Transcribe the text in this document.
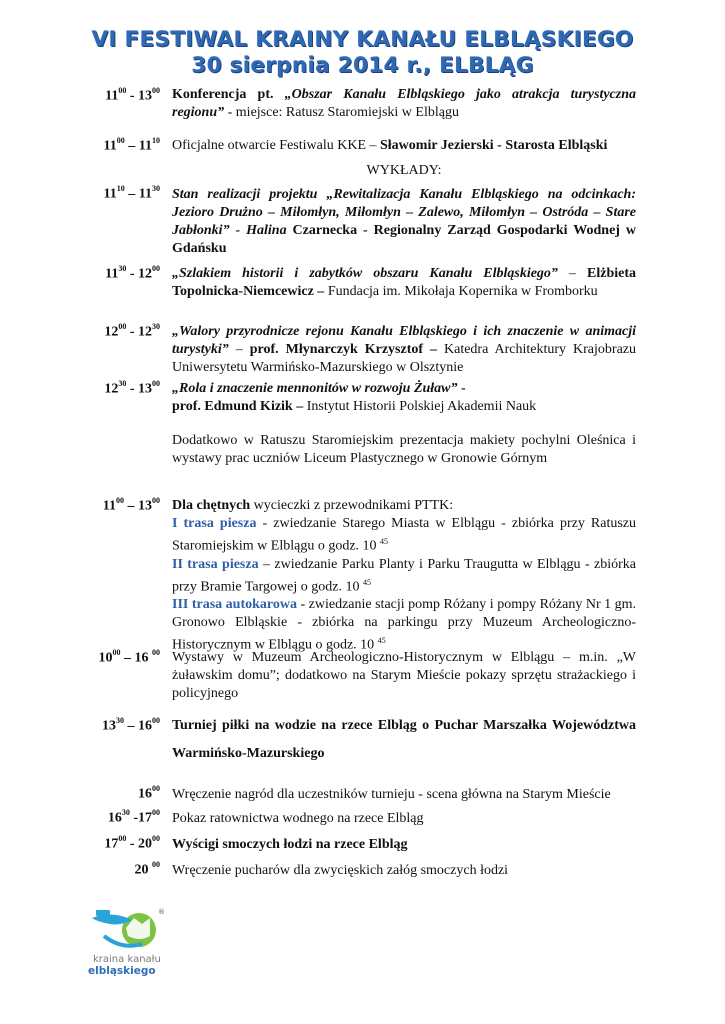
VI FESTIWAL KRAINY KANAŁU ELBLĄSKIEGO
30 sierpnia 2014 r., ELBLĄG
$11^{00} - 13^{00}$ Konferencja pt. „Obszar Kanału Elbląskiego jako atrakcja turystyczna regionu” - miejsce: Ratusz Staromiejski w Elblągu
$11^{00} - 11^{10}$ Oficjalne otwarcie Festiwalu KKE – Sławomir Jezierski - Starosta Elbląski
WYKŁADY:
$11^{10} - 11^{30}$ Stan realizacji projektu „Rewitalizacja Kanału Elbląskiego na odcinkach: Jezioro Drużno – Miłomłyn, Miłomłyn – Zalewo, Miłomłyn – Ostróda – Stare Jabłonki” - Halina Czarnecka - Regionalny Zarząd Gospodarki Wodnej w Gdańsku
$11^{30} - 12^{00}$ „Szlakiem historii i zabytków obszaru Kanału Elbląskiego” – Elżbieta Topolnicka-Niemcewicz – Fundacja im. Mikołaja Kopernika w Fromborku
$12^{00} - 12^{30}$ „Walory przyrodnicze rejonu Kanału Elbląskiego i ich znaczenie w animacji turystyki” – prof. Młynarczyk Krzysztof – Katedra Architektury Krajobrazu Uniwersytetu Warmińsko-Mazurskiego w Olsztynie
$12^{30} - 13^{00}$ „Rola i znaczenie mennonitów w rozwoju Żuław” -
prof. Edmund Kizik – Instytut Historii Polskiej Akademii Nauk
Dodatkowo w Ratuszu Staromiejskim prezentacja makiety pochylni Oleśnica i wystawy prac uczniów Liceum Plastycznego w Gronowie Górnym
$11^{00} - 13^{00}$ Dla chętnych wycieczki z przewodnikami PTTK:
I trasa piesza - zwiedzanie Starego Miasta w Elblągu - zbiórka przy Ratuszu Staromiejskim w Elblągu o godz. 10 $^{45}$
II trasa piesza – zwiedzanie Parku Planty i Parku Traugutta w Elblągu - zbiórka przy Bramie Targowej o godz. 10 $^{45}$
III trasa autokarowa - zwiedzanie stacji pomp Różany i pompy Różany Nr 1 gm. Gronowo Elbląskie - zbiórka na parkingu przy Muzeum Archeologiczno-Historycznym w Elblągu o godz. 10 $^{45}$
$10^{00} - 16$ $^{00}$ Wystawy w Muzeum Archeologiczno-Historycznym w Elblągu – m.in. „W żuławskim domu”; dodatkowo na Starym Mieście pokazy sprzętu strażackiego i policyjnego
$13^{30} - 16^{00}$ Turniej piłki na wodzie na rzece Elbląg o Puchar Marszałka Województwa Warmińsko-Mazurskiego
$16^{00}$ Wręczenie nagród dla uczestników turnieju - scena główna na Starym Mieście
$16^{30}$ $-17^{00}$ Pokaz ratownictwa wodnego na rzece Elbląg
$17^{00} - 20^{00}$ Wyścigi smoczych łodzi na rzece Elbląg
20 $^{00}$ Wręczenie pucharów dla zwycięskich załóg smoczych łodzi
®
kraina kanału
elbląskiego
